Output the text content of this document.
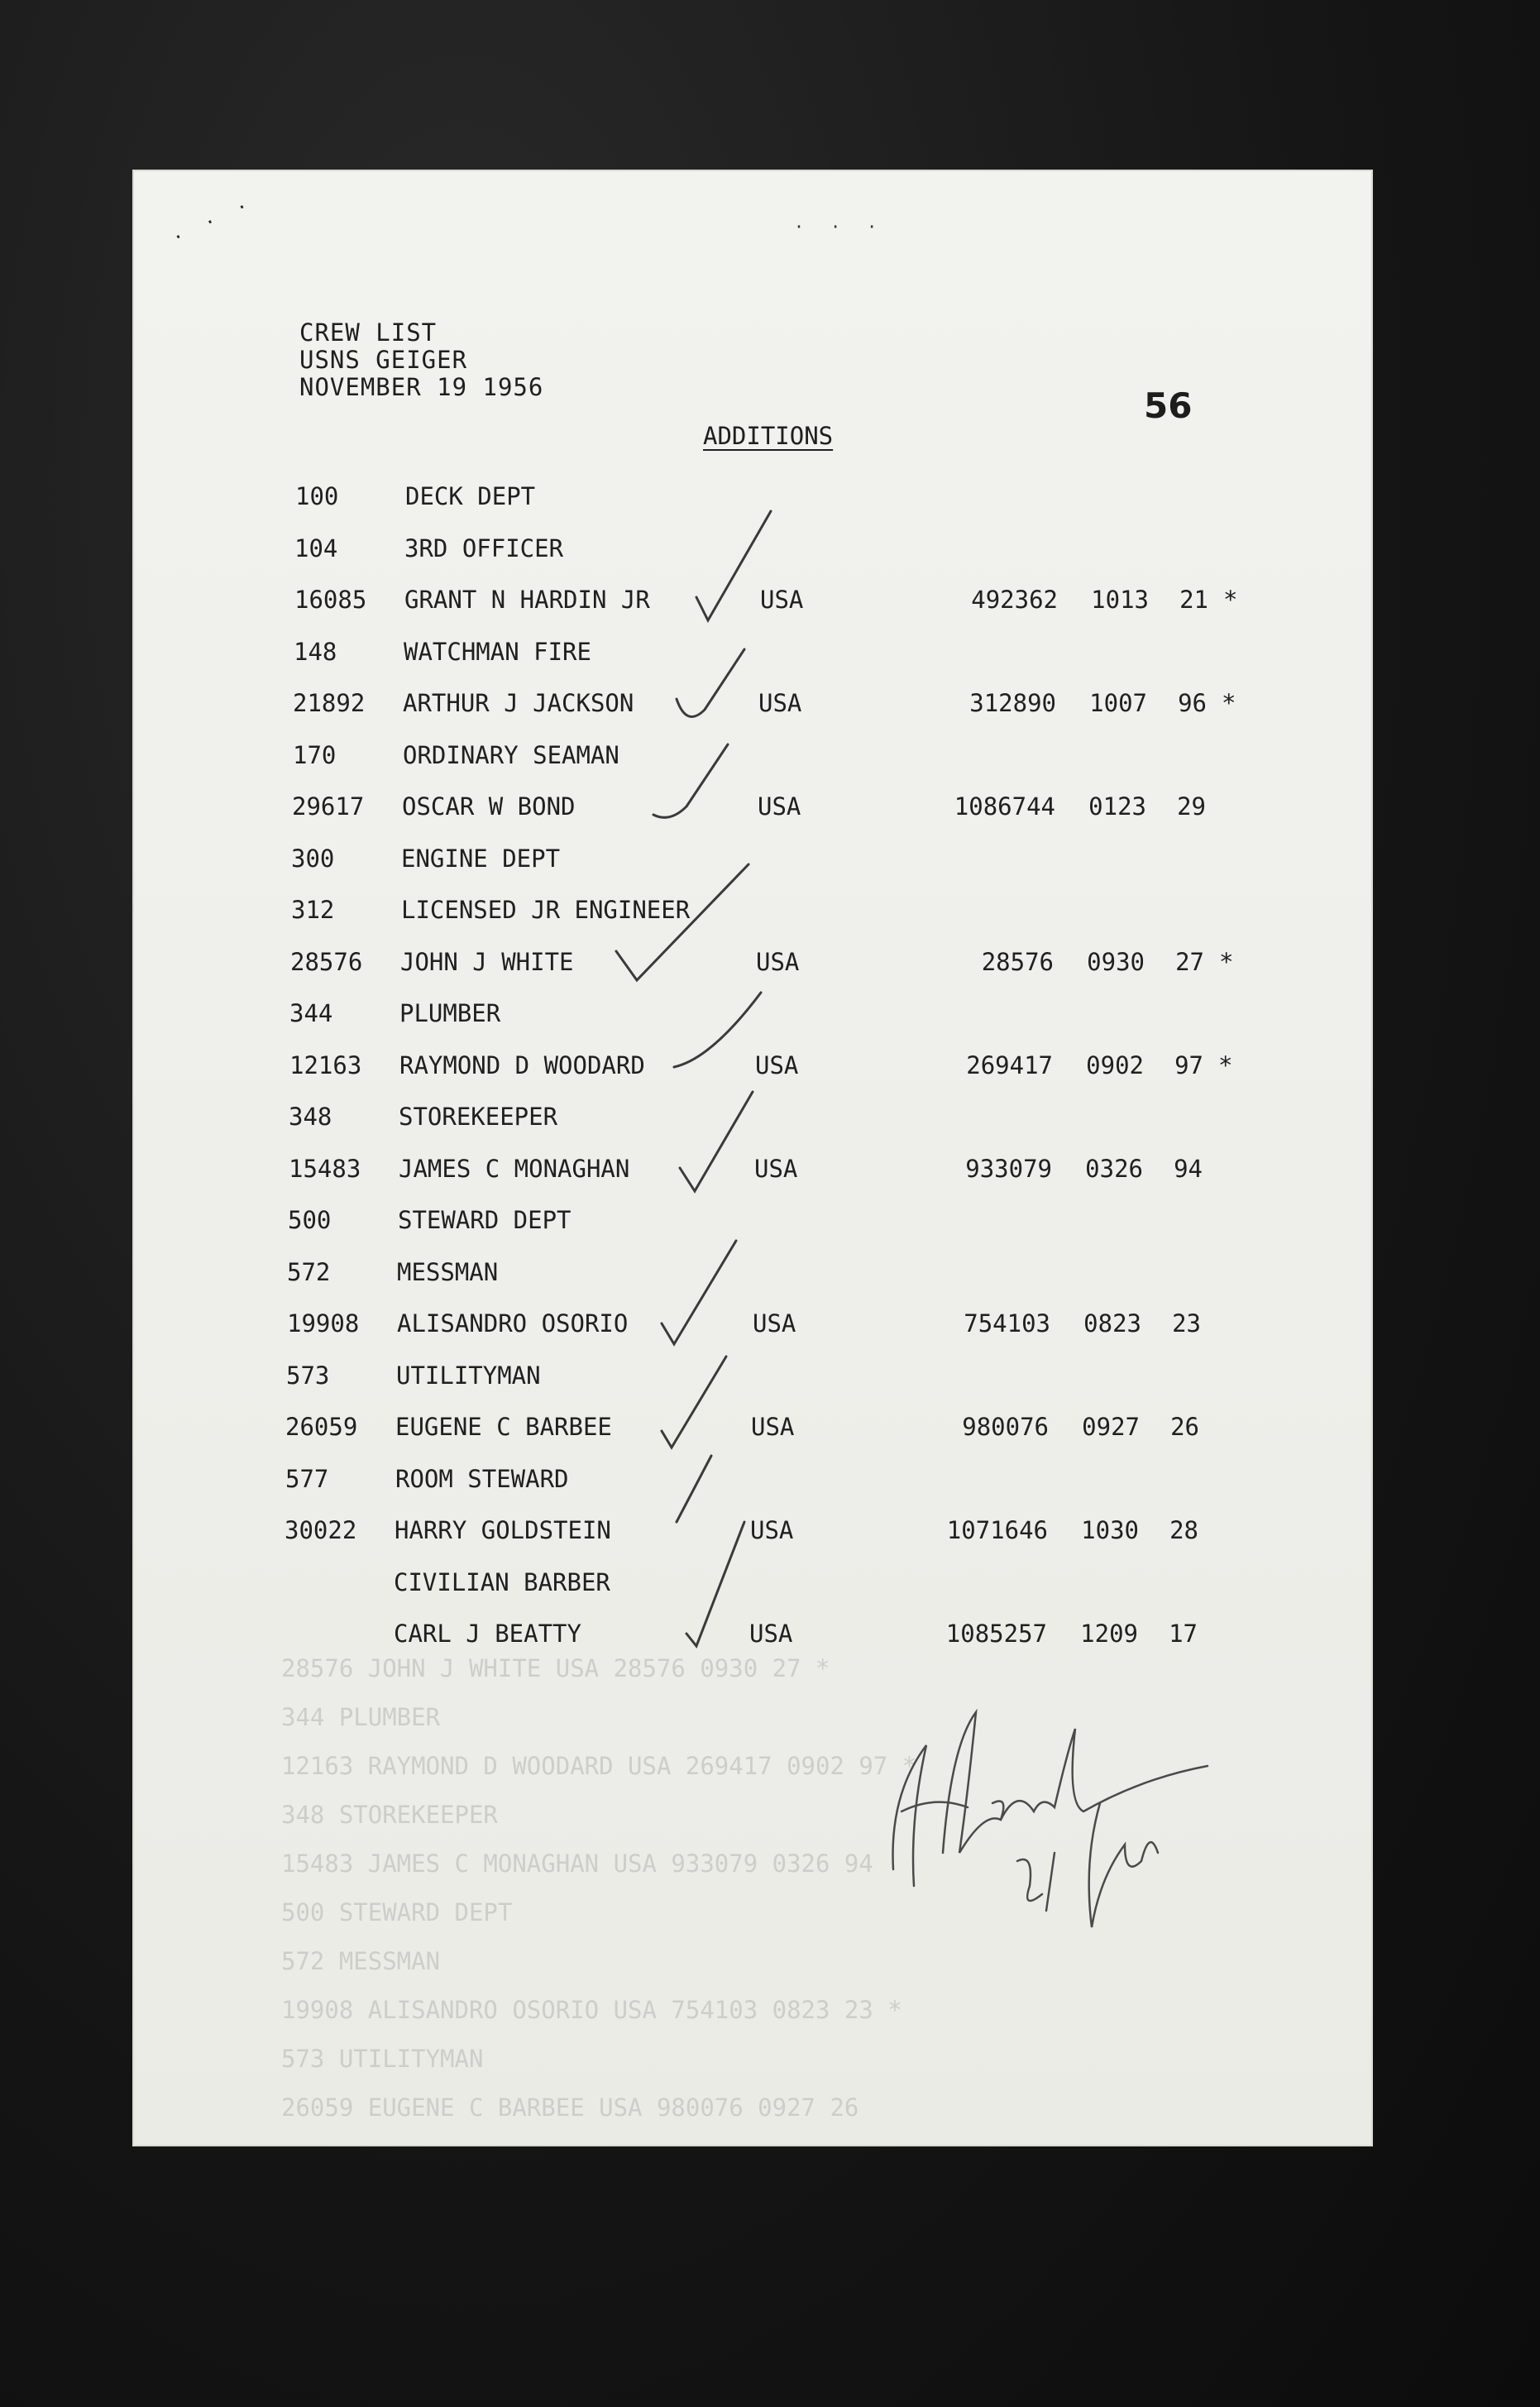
· · ·	· · ·
CREW LIST
USNS GEIGER
NOVEMBER 19 1956	56
ADDITIONS
100	DECK DEPT
104	3RD OFFICER
16085 GRANT N HARDIN JR	USA	492362 1013 21 *
148	WATCHMAN FIRE
21892 ARTHUR J JACKSON	USA	312890 1007 96 *
170	ORDINARY SEAMAN
29617 OSCAR W BOND	USA	1086744 0123 29
300	ENGINE DEPT
312	LICENSED JR ENGINEER
28576 JOHN J WHITE	USA	28576 0930 27 *
344	PLUMBER
12163 RAYMOND D WOODARD	USA	269417 0902 97 *
348	STOREKEEPER
15483 JAMES C MONAGHAN	USA	933079 0326 94
500	STEWARD DEPT
572	MESSMAN
19908 ALISANDRO OSORIO	USA	754103 0823 23
573	UTILITYMAN
26059 EUGENE C BARBEE	USA	980076 0927 26
577	ROOM STEWARD
30022 HARRY GOLDSTEIN	USA	1071646 1030 28
CIVILIAN BARBER
CARL J BEATTY	USA	1085257 1209 17
28576 JOHN J WHITE USA 28576 0930 27 *
344 PLUMBER
12163 RAYMOND D WOODARD USA 269417 0902 97 *
348 STOREKEEPER
15483 JAMES C MONAGHAN USA 933079 0326 94
500 STEWARD DEPT
572 MESSMAN
19908 ALISANDRO OSORIO USA 754103 0823 23 *
573 UTILITYMAN
26059 EUGENE C BARBEE USA 980076 0927 26
